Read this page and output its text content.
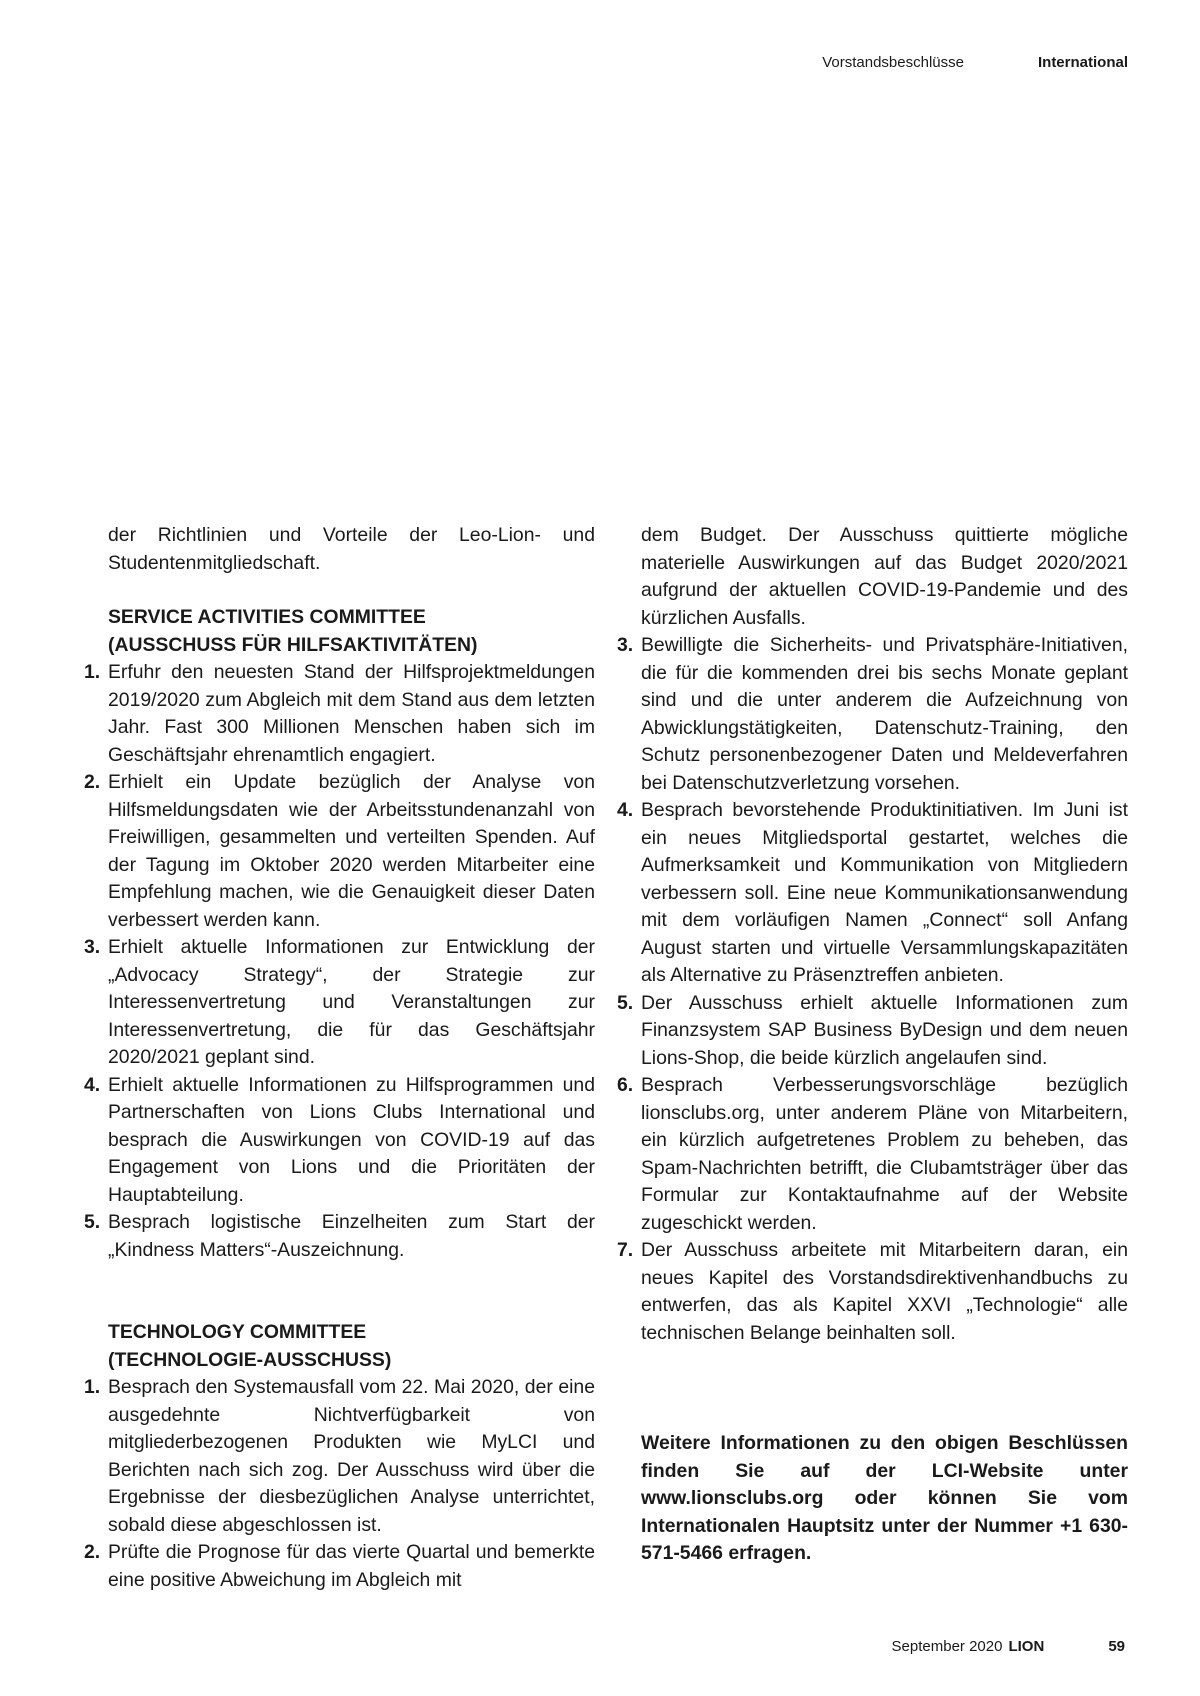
Vorstandsbeschlüsse	International

der Richtlinien und Vorteile der Leo-Lion- und Studentenmitgliedschaft.

SERVICE ACTIVITIES COMMITTEE

(AUSSCHUSS FÜR HILFSAKTIVITÄTEN)

1. Erfuhr den neuesten Stand der Hilfsprojektmeldungen 2019/2020 zum Abgleich mit dem Stand aus dem letzten Jahr. Fast 300 Millionen Menschen haben sich im Geschäftsjahr ehrenamtlich engagiert.
2. Erhielt ein Update bezüglich der Analyse von Hilfsmeldungsdaten wie der Arbeitsstundenanzahl von Freiwilligen, gesammelten und verteilten Spenden. Auf der Tagung im Oktober 2020 werden Mitarbeiter eine Empfehlung machen, wie die Genauigkeit dieser Daten verbessert werden kann.
3. Erhielt aktuelle Informationen zur Entwicklung der „Advocacy Strategy“, der Strategie zur Interessenvertretung und Veranstaltungen zur Interessenvertretung, die für das Geschäftsjahr 2020/2021 geplant sind.
4. Erhielt aktuelle Informationen zu Hilfsprogrammen und Partnerschaften von Lions Clubs International und besprach die Auswirkungen von COVID-19 auf das Engagement von Lions und die Prioritäten der Hauptabteilung.
5. Besprach logistische Einzelheiten zum Start der „Kindness Matters“-Auszeichnung.

TECHNOLOGY COMMITTEE

(TECHNOLOGIE-AUSSCHUSS)

1. Besprach den Systemausfall vom 22. Mai 2020, der eine ausgedehnte Nichtverfügbarkeit von mitgliederbezogenen Produkten wie MyLCI und Berichten nach sich zog. Der Ausschuss wird über die Ergebnisse der diesbezüglichen Analyse unterrichtet, sobald diese abgeschlossen ist.
2. Prüfte die Prognose für das vierte Quartal und bemerkte eine positive Abweichung im Abgleich mit

dem Budget. Der Ausschuss quittierte mögliche materielle Auswirkungen auf das Budget 2020/2021 aufgrund der aktuellen COVID-19-Pandemie und des kürzlichen Ausfalls.

3. Bewilligte die Sicherheits- und Privatsphäre-Initiativen, die für die kommenden drei bis sechs Monate geplant sind und die unter anderem die Aufzeichnung von Abwicklungstätigkeiten, Datenschutz-Training, den Schutz personenbezogener Daten und Meldeverfahren bei Datenschutzverletzung vorsehen.
4. Besprach bevorstehende Produktinitiativen. Im Juni ist ein neues Mitgliedsportal gestartet, welches die Aufmerksamkeit und Kommunikation von Mitgliedern verbessern soll. Eine neue Kommunikationsanwendung mit dem vorläufigen Namen „Connect“ soll Anfang August starten und virtuelle Versammlungskapazitäten als Alternative zu Präsenztreffen anbieten.
5. Der Ausschuss erhielt aktuelle Informationen zum Finanzsystem SAP Business ByDesign und dem neuen Lions-Shop, die beide kürzlich angelaufen sind.
6. Besprach Verbesserungsvorschläge bezüglich lionsclubs.org, unter anderem Pläne von Mitarbeitern, ein kürzlich aufgetretenes Problem zu beheben, das Spam-Nachrichten betrifft, die Clubamtsträger über das Formular zur Kontaktaufnahme auf der Website zugeschickt werden.
7. Der Ausschuss arbeitete mit Mitarbeitern daran, ein neues Kapitel des Vorstandsdirektivenhandbuchs zu entwerfen, das als Kapitel XXVI „Technologie“ alle technischen Belange beinhalten soll.

Weitere Informationen zu den obigen Beschlüssen finden Sie auf der LCI-Website unter www.lionsclubs.org oder können Sie vom Internationalen Hauptsitz unter der Nummer +1 630-571-5466 erfragen.

September 2020 LION	59
